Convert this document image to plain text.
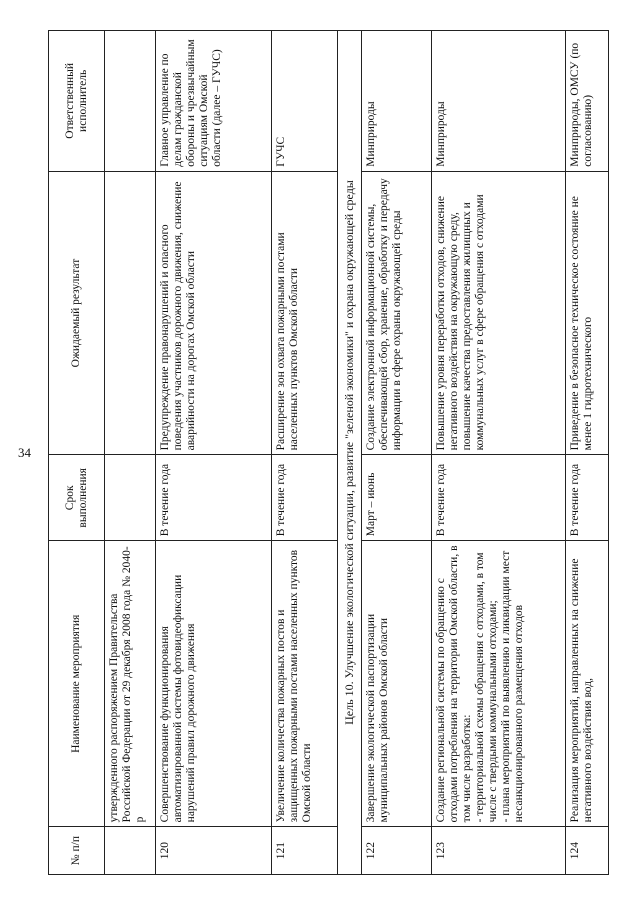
34
№ п/п	Наименование мероприятия	Срок выполнения	Ожидаемый результат	Ответственный исполнитель
	утвержденного распоряжением Правительства Российской Федерации от 29 декабря 2008 года № 2040-р			
120	Совершенствование функционирования автоматизированной системы фотовидеофиксации нарушений правил дорожного движения	В течение года	Предупреждение правонарушений и опасного поведения участников дорожного движения, снижение аварийности на дорогах Омской области	Главное управление по делам гражданской обороны и чрезвычайным ситуациям Омской области (далее – ГУЧС)
121	Увеличение количества пожарных постов и защищенных пожарными постами населенных пунктов Омской области	В течение года	Расширение зон охвата пожарными постами населенных пунктов Омской области	ГУЧС
Цель 10. Улучшение экологической ситуации, развитие "зеленой экономики" и охрана окружающей среды				
122	Завершение экологической паспортизации муниципальных районов Омской области	Март – июнь	Создание электронной информационной системы, обеспечивающей сбор, хранение, обработку и передачу информации в сфере охраны окружающей среды	Минприроды
123	Создание региональной системы по обращению с отходами потребления на территории Омской области, в том числе разработка: - территориальной схемы обращения с отходами, в том числе с твердыми коммунальными отходами; - плана мероприятий по выявлению и ликвидации мест несанкционированного размещения отходов	В течение года	Повышение уровня переработки отходов, снижение негативного воздействия на окружающую среду, повышение качества предоставления жилищных и коммунальных услуг в сфере обращения с отходами	Минприроды
124	Реализация мероприятий, направленных на снижение негативного воздействия вод,	В течение года	Приведение в безопасное техническое состояние не менее 1 гидротехнического	Минприроды, ОМСУ (по согласованию)
